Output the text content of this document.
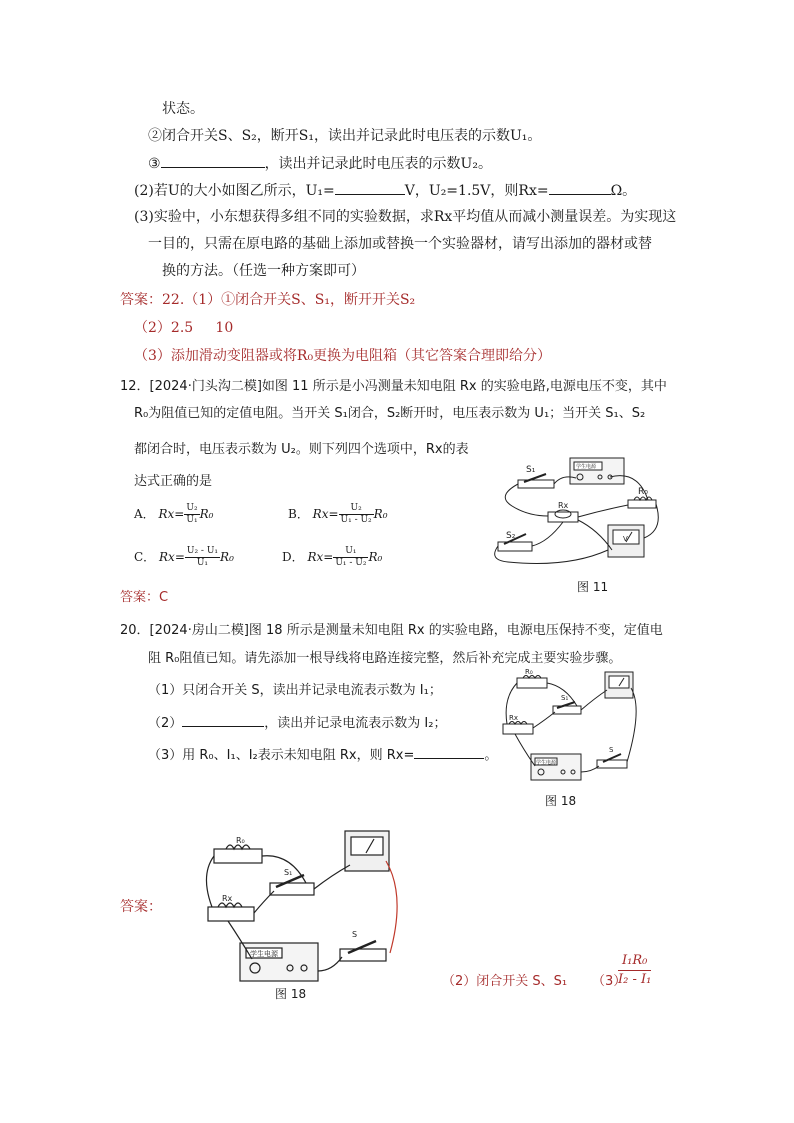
状态。
②闭合开关S、S₂，断开S₁，读出并记录此时电压表的示数U₁。
③	，读出并记录此时电压表的示数U₂。
(2)若U的大小如图乙所示，U₁=	V，U₂=1.5V，则Rx=	Ω。
(3)实验中，小东想获得多组不同的实验数据，求Rx平均值从而减小测量误差。为实现这
一目的，只需在原电路的基础上添加或替换一个实验器材，请写出添加的器材或替
换的方法。（任选一种方案即可）
答案：22.（1）①闭合开关S、S₁，断开开关S₂
（2）2.5     10
（3）添加滑动变阻器或将R₀更换为电阻箱（其它答案合理即给分）
12．[2024·门头沟二模]如图 11 所示是小冯测量未知电阻 Rx 的实验电路,电源电压不变，其中
R₀为阻值已知的定值电阻。当开关 S₁闭合，S₂断开时，电压表示数为 U₁；当开关 S₁、S₂
都闭合时，电压表示数为 U₂。则下列四个选项中，Rx的表
达式正确的是
A． $Rx= \frac{\text{U₂}}{\text{U₁}} R_0$	B． $Rx= \frac{\text{U₂}}{\text{U₁ - U₂}} R_0$
C． $Rx= \frac{\text{U₂ - U₁}}{\text{U₁}} R_0$	D． $Rx= \frac{\text{U₁}}{\text{U₁ - U₂}} R_0$
S₁
R₀
Rx
S₂	V
学生电源
图 11
答案：C
20．[2024·房山二模]图 18 所示是测量未知电阻 Rx 的实验电路，电源电压保持不变，定值电
阻 R₀阻值已知。请先添加一根导线将电路连接完整，然后补充完成主要实验步骤。
（1）只闭合开关 S，读出并记录电流表示数为 I₁；
（2）	，读出并记录电流表示数为 I₂；
（3）用 R₀、I₁、I₂表示未知电阻 Rx，则 Rx=	。
R₀
S₁
Rx
S
学生电源
图 18
答案：
R₀
S₁
Rx
S
学生电源
图 18
（2）闭合开关 S、S₁ （3）
$\frac{\text{I₁R₀}}{\text{I₂ - I₁}}$
